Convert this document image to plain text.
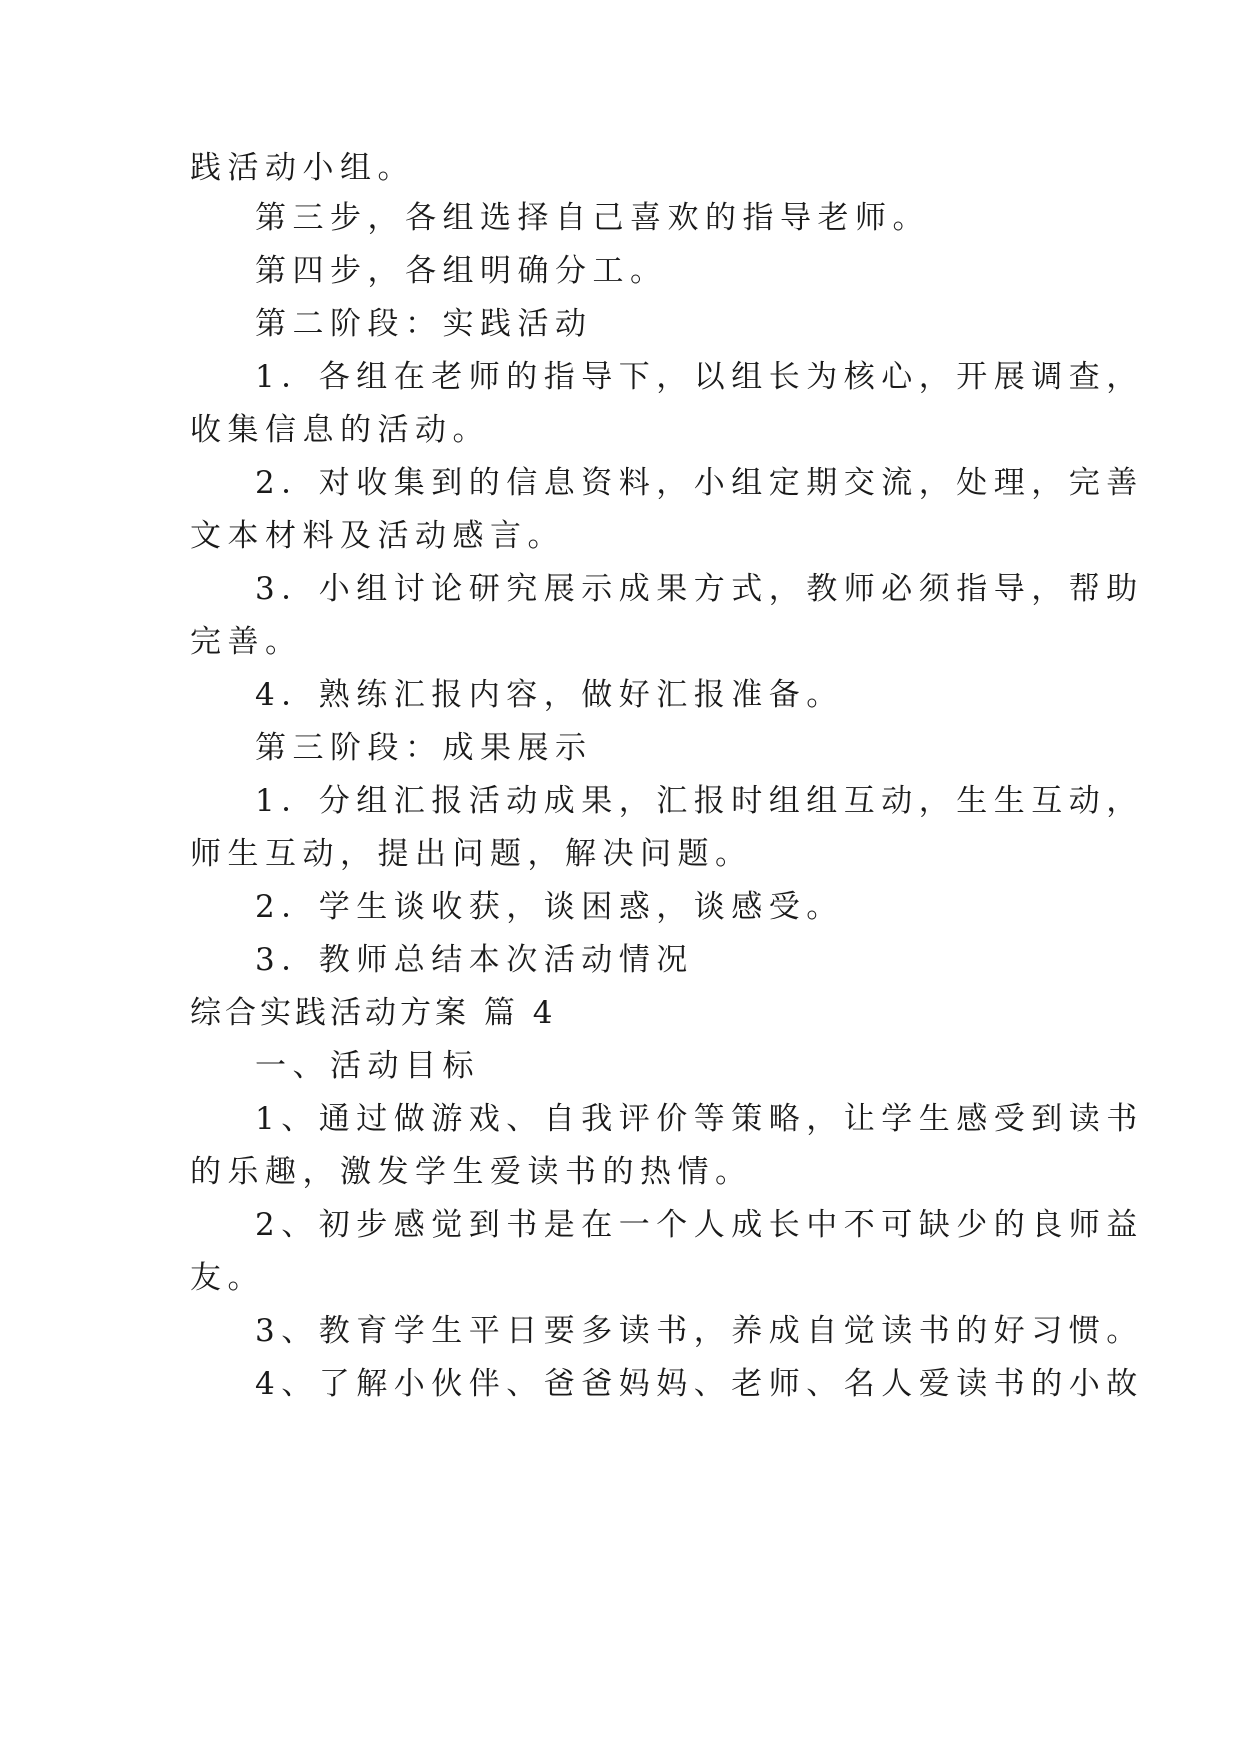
践活动小组。
第三步，各组选择自己喜欢的指导老师。
第四步，各组明确分工。
第二阶段：实践活动
1．各组在老师的指导下，以组长为核心，开展调查，
收集信息的活动。
2．对收集到的信息资料，小组定期交流，处理，完善
文本材料及活动感言。
3．小组讨论研究展示成果方式，教师必须指导，帮助
完善。
4．熟练汇报内容，做好汇报准备。
第三阶段：成果展示
1．分组汇报活动成果，汇报时组组互动，生生互动，
师生互动，提出问题，解决问题。
2．学生谈收获，谈困惑，谈感受。
3．教师总结本次活动情况
综合实践活动方案 篇 4
一、活动目标
1、通过做游戏、自我评价等策略，让学生感受到读书
的乐趣，激发学生爱读书的热情。
2、初步感觉到书是在一个人成长中不可缺少的良师益
友。
3、教育学生平日要多读书，养成自觉读书的好习惯。
4、了解小伙伴、爸爸妈妈、老师、名人爱读书的小故
